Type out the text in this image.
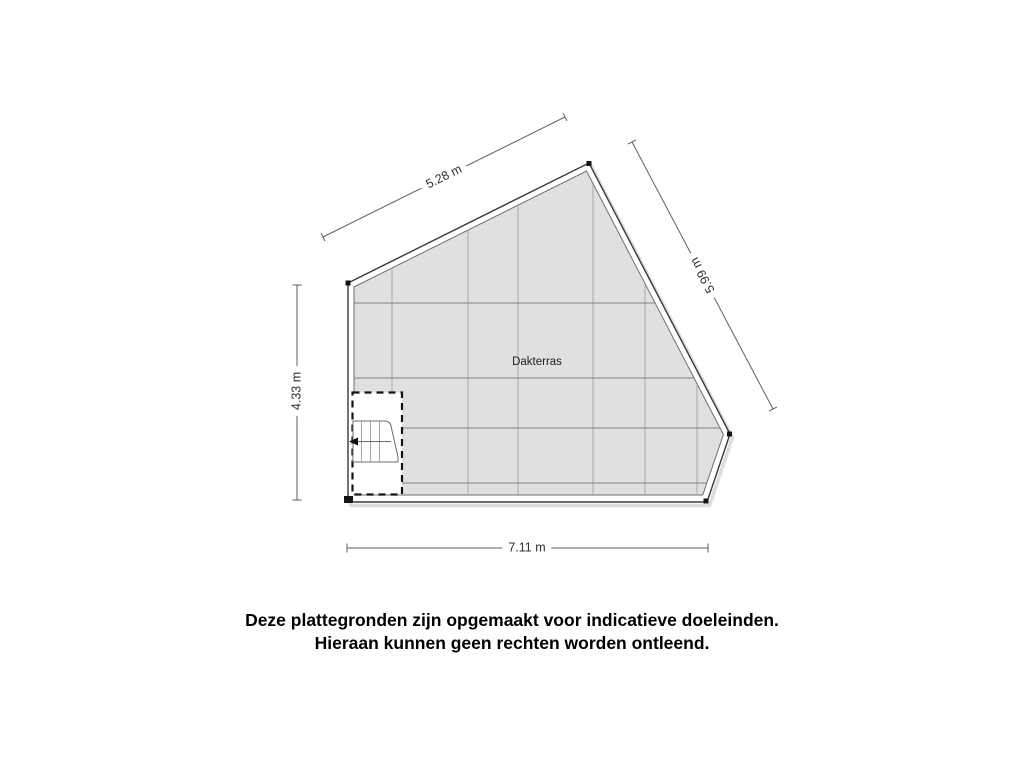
5.28 m
5.99 m
4.33 m
7.11 m
Dakterras
Deze plattegronden zijn opgemaakt voor indicatieve doeleinden.
Hieraan kunnen geen rechten worden ontleend.
